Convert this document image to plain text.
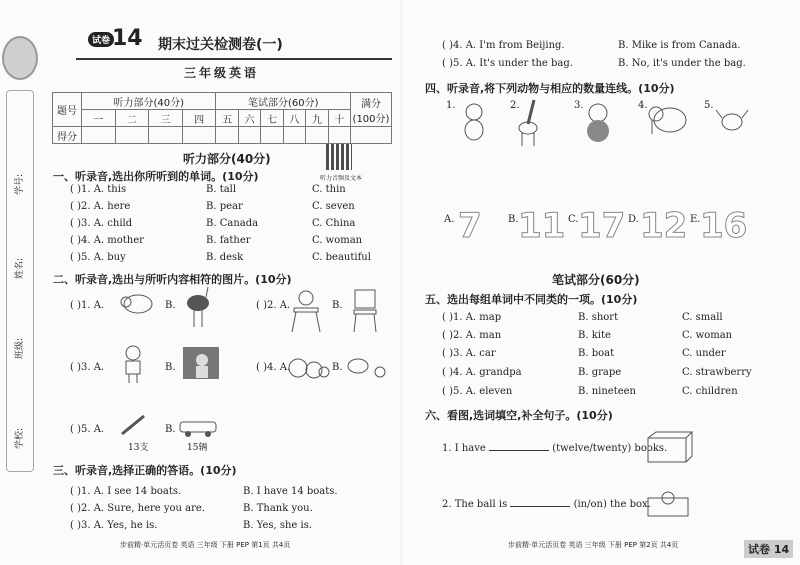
学号:
姓名:
班级:
学校:
试卷 14 期末过关检测卷(一)
三年级英语
题号	听力部分(40分)				笔试部分(60分)						满分
(100分)
	一	二	三	四	五	六	七	八	九	十	
得分											
听力部分(40分)
听力音频及文本
一、听录音,选出你所听到的单词。(10分)
( )1. A. this	B. tall	C. thin
( )2. A. here	B. pear	C. seven
( )3. A. child	B. Canada	C. China
( )4. A. mother	B. father	C. woman
( )5. A. buy	B. desk	C. beautiful
二、听录音,选出与所听内容相符的图片。(10分)
( )1. A.	B.	( )2. A.	B.
( )3. A.	B.	( )4. A.	B.
( )5. A.
13支
B.
15辆
三、听录音,选择正确的答语。(10分)
( )1. A. I see 14 boats.	B. I have 14 boats.
( )2. A. Sure, here you are.	B. Thank you.
( )3. A. Yes, he is.	B. Yes, she is.
步前精·单元活页卷 英语 三年级 下册 PEP 第1页 共4页
( )4. A. I'm from Beijing.	B. Mike is from Canada.
( )5. A. It's under the bag.	B. No, it's under the bag.
四、听录音,将下列动物与相应的数量连线。(10分)
1.	2.	3.	4.	5.
A. 7	B. 11 C. 17 D. 12 E. 16
笔试部分(60分)
五、选出每组单词中不同类的一项。(10分)
( )1. A. map	B. short	C. small
( )2. A. man	B. kite	C. woman
( )3. A. car	B. boat	C. under
( )4. A. grandpa	B. grape	C. strawberry
( )5. A. eleven	B. nineteen	C. children
六、看图,选词填空,补全句子。(10分)
1. I have	(twelve/twenty) books.
2. The ball is	(in/on) the box.
步前精·单元活页卷 英语 三年级 下册 PEP 第2页 共4页	试卷 14
